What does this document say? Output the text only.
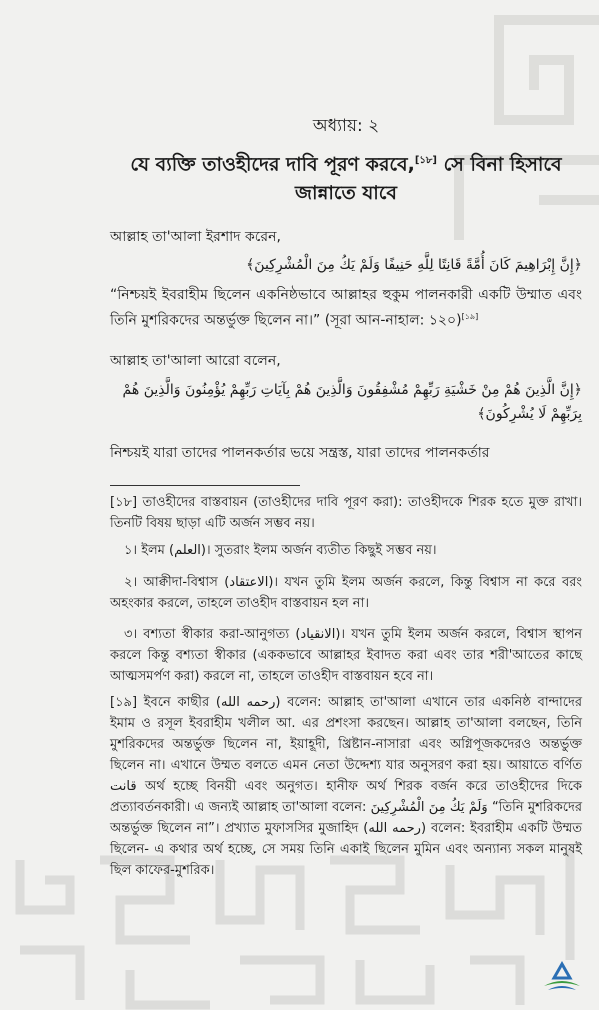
অধ্যায়: ২
যে ব্যক্তি তাওহীদের দাবি পূরণ করবে,[১৮] সে বিনা হিসাবে জান্নাতে যাবে
আল্লাহ তা'আলা ইরশাদ করেন,
﴿إِنَّ إِبْرَاهِيمَ كَانَ أُمَّةً قَانِتًا لِلَّهِ حَنِيفًا وَلَمْ يَكُ مِنَ الْمُشْرِكِينَ﴾
“নিশ্চয়ই ইবরাহীম ছিলেন একনিষ্ঠভাবে আল্লাহর হুকুম পালনকারী একটি উম্মাত এবং তিনি মুশরিকদের অন্তর্ভুক্ত ছিলেন না।” (সূরা আন-নাহাল: ১২০)[১৯]
আল্লাহ তা'আলা আরো বলেন,
﴿إِنَّ الَّذِينَ هُمْ مِنْ خَشْيَةِ رَبِّهِمْ مُشْفِقُونَ وَالَّذِينَ هُمْ بِآيَاتِ رَبِّهِمْ يُؤْمِنُونَ وَالَّذِينَ هُمْ بِرَبِّهِمْ لَا يُشْرِكُونَ﴾
নিশ্চয়ই যারা তাদের পালনকর্তার ভয়ে সন্ত্রস্ত, যারা তাদের পালনকর্তার
[১৮] তাওহীদের বাস্তবায়ন (তাওহীদের দাবি পূরণ করা): তাওহীদকে শিরক হতে মুক্ত রাখা। তিনটি বিষয় ছাড়া এটি অর্জন সম্ভব নয়।
১। ইলম (العلم)। সুতরাং ইলম অর্জন ব্যতীত কিছুই সম্ভব নয়।
২। আক্বীদা-বিশ্বাস (الاعتقاد)। যখন তুমি ইলম অর্জন করলে, কিন্তু বিশ্বাস না করে বরং অহংকার করলে, তাহলে তাওহীদ বাস্তবায়ন হল না।
৩। বশ্যতা স্বীকার করা-আনুগত্য (الانقياد)। যখন তুমি ইলম অর্জন করলে, বিশ্বাস স্থাপন করলে কিন্তু বশ্যতা স্বীকার (এককভাবে আল্লাহর ইবাদত করা এবং তার শরী'আতের কাছে আত্মসমর্পণ করা) করলে না, তাহলে তাওহীদ বাস্তবায়ন হবে না।
[১৯] ইবনে কাছীর (رحمه الله) বলেন: আল্লাহ তা'আলা এখানে তার একনিষ্ঠ বান্দাদের ইমাম ও রসূল ইবরাহীম খলীল আ. এর প্রশংসা করছেন। আল্লাহ তা'আলা বলছেন, তিনি মুশরিকদের অন্তর্ভুক্ত ছিলেন না, ইয়াহূদী, খ্রিষ্টান-নাসারা এবং অগ্নিপূজকদেরও অন্তর্ভুক্ত ছিলেন না। এখানে উম্মত বলতে এমন নেতা উদ্দেশ্য যার অনুসরণ করা হয়। আয়াতে বর্ণিত قانت অর্থ হচ্ছে বিনয়ী এবং অনুগত। হানীফ অর্থ শিরক বর্জন করে তাওহীদের দিকে প্রত্যাবর্তনকারী। এ জন্যই আল্লাহ তা'আলা বলেন: وَلَمْ يَكُ مِنَ الْمُشْرِكِينَ “তিনি মুশরিকদের অন্তর্ভুক্ত ছিলেন না”। প্রখ্যাত মুফাসসির মুজাহিদ (رحمه الله) বলেন: ইবরাহীম একটি উম্মত ছিলেন- এ কথার অর্থ হচ্ছে, সে সময় তিনি একাই ছিলেন মুমিন এবং অন্যান্য সকল মানুষই ছিল কাফের-মুশরিক।
